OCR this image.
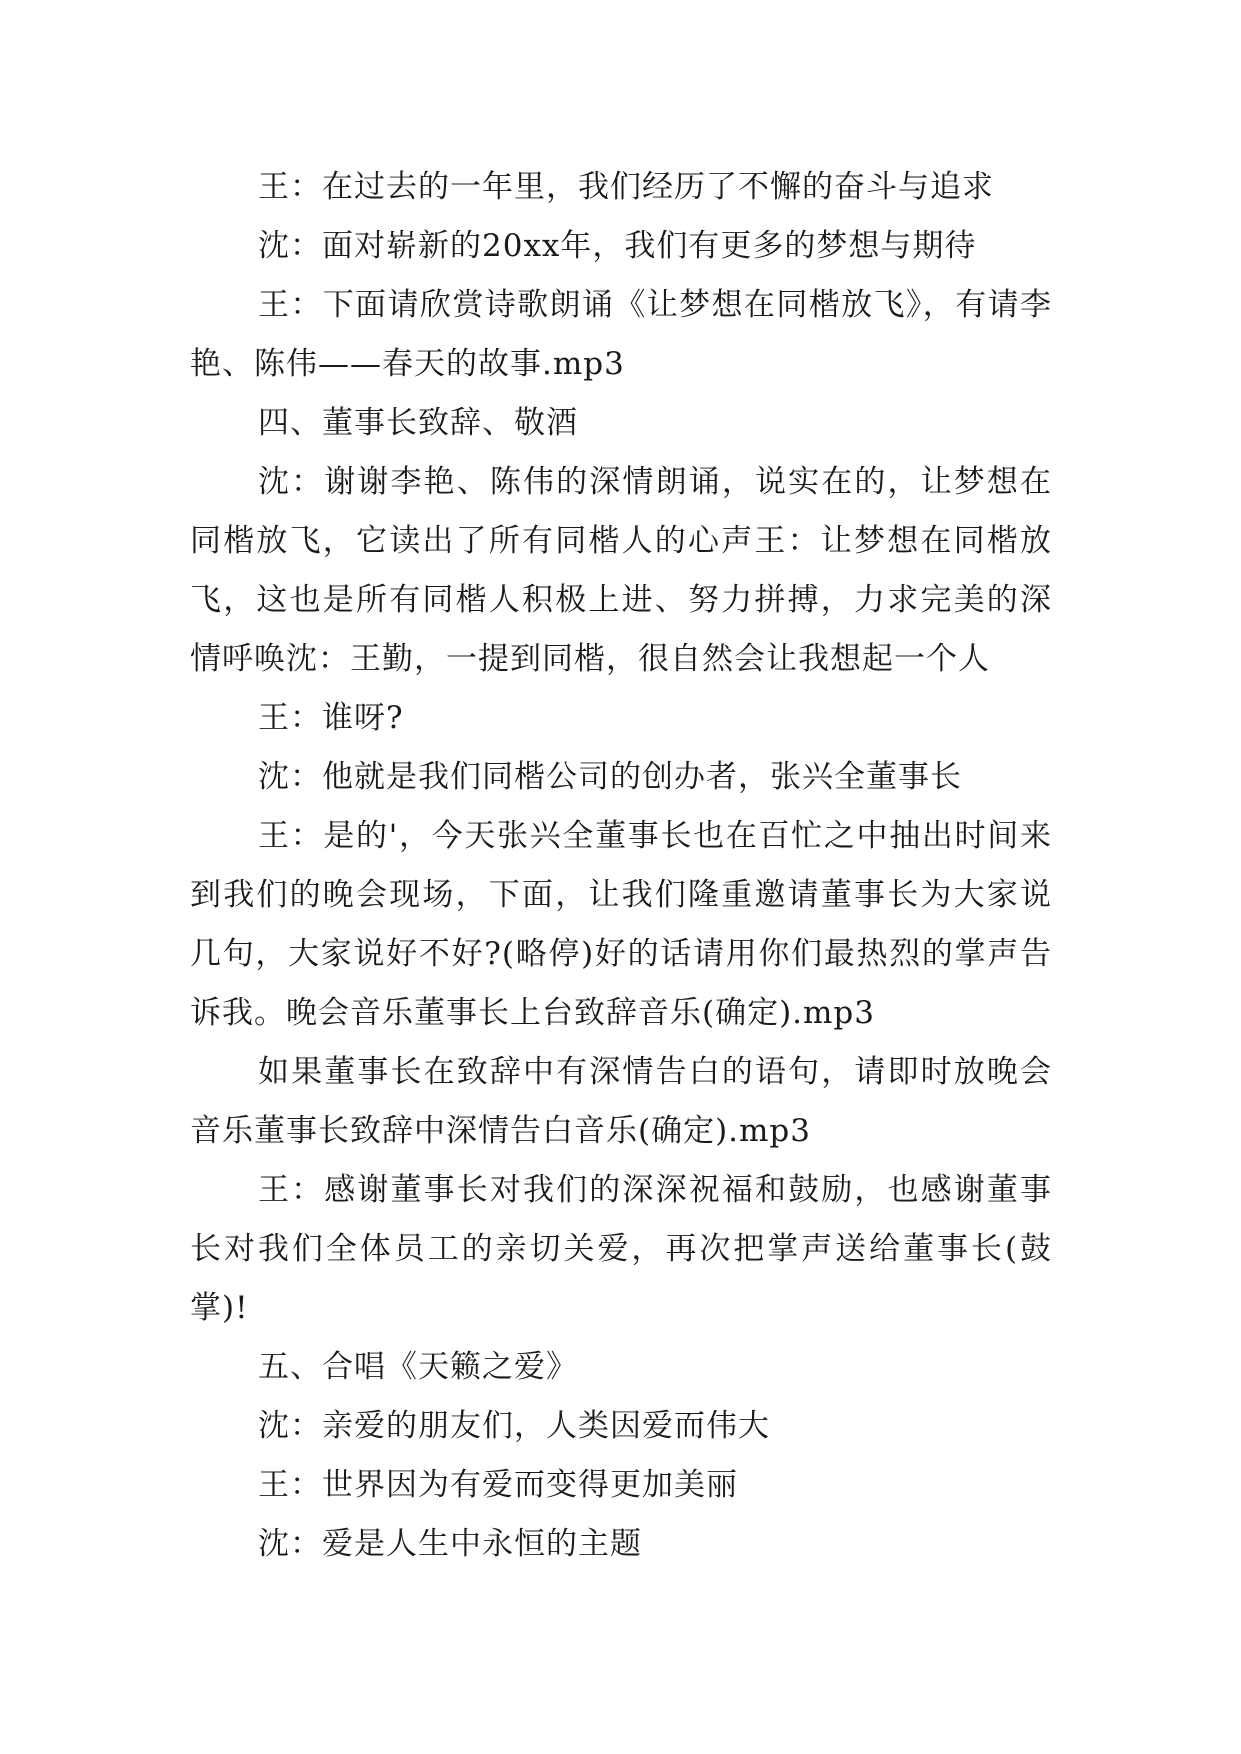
王：在过去的一年里，我们经历了不懈的奋斗与追求

沈：面对崭新的20xx年，我们有更多的梦想与期待

王：下面请欣赏诗歌朗诵《让梦想在同楷放飞》，有请李艳、陈伟——春天的故事.mp3

四、董事长致辞、敬酒

沈：谢谢李艳、陈伟的深情朗诵，说实在的，让梦想在同楷放飞，它读出了所有同楷人的心声王：让梦想在同楷放飞，这也是所有同楷人积极上进、努力拼搏，力求完美的深情呼唤沈：王勤，一提到同楷，很自然会让我想起一个人

王：谁呀?

沈：他就是我们同楷公司的创办者，张兴全董事长

王：是的'，今天张兴全董事长也在百忙之中抽出时间来到我们的晚会现场，下面，让我们隆重邀请董事长为大家说几句，大家说好不好?(略停)好的话请用你们最热烈的掌声告诉我。晚会音乐董事长上台致辞音乐(确定).mp3

如果董事长在致辞中有深情告白的语句，请即时放晚会音乐董事长致辞中深情告白音乐(确定).mp3

王：感谢董事长对我们的深深祝福和鼓励，也感谢董事长对我们全体员工的亲切关爱，再次把掌声送给董事长(鼓掌)!

五、合唱《天籁之爱》

沈：亲爱的朋友们，人类因爱而伟大

王：世界因为有爱而变得更加美丽

沈：爱是人生中永恒的主题
